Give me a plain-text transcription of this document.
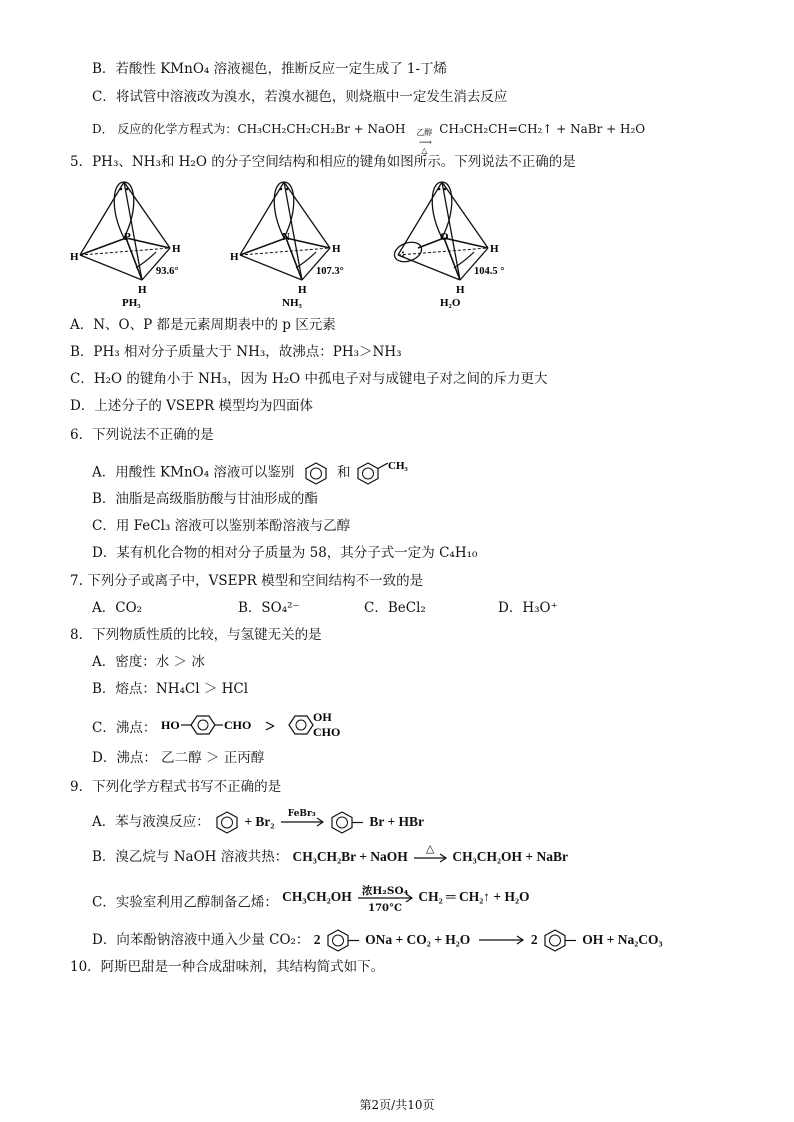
B．若酸性 KMnO₄ 溶液褪色，推断反应一定生成了 1-丁烯
C．将试管中溶液改为溴水，若溴水褪色，则烧瓶中一定发生消去反应
D． 反应的化学方程式为：CH₃CH₂CH₂CH₂Br + NaOH	乙醇
⟶
△
CH₃CH₂CH=CH₂↑ + NaBr + H₂O
5．PH₃、NH₃和 H₂O 的分子空间结构和相应的键角如图所示。下列说法不正确的是
P
H
H
H
93.6°
PH₃
N
H
H
H
107.3°
NH₃
O
:	H
H
104.5 °
H₂O
A．N、O、P 都是元素周期表中的 p 区元素
B．PH₃ 相对分子质量大于 NH₃，故沸点：PH₃＞NH₃
C．H₂O 的键角小于 NH₃，因为 H₂O 中孤电子对与成键电子对之间的斥力更大
D．上述分子的 VSEPR 模型均为四面体
6．下列说法不正确的是
A．用酸性 KMnO₄ 溶液可以鉴别	和	CH₃
B．油脂是高级脂肪酸与甘油形成的酯
C．用 FeCl₃ 溶液可以鉴别苯酚溶液与乙醇
D．某有机化合物的相对分子质量为 58，其分子式一定为 C₄H₁₀
7. 下列分子或离子中，VSEPR 模型和空间结构不一致的是
A．CO₂	B．SO₄²⁻	C．BeCl₂	D．H₃O⁺
8．下列物质性质的比较，与氢键无关的是
A．密度：水 ＞ 冰
B．熔点：NH₄Cl ＞ HCl
C．沸点： HO	CHO >	OH
CHO
D．沸点： 乙二醇 ＞ 正丙醇
9．下列化学方程式书写不正确的是
A．苯与液溴反应：	+ Br₂	FeBr₃	Br + HBr
B．溴乙烷与 NaOH 溶液共热： CH₃CH₂Br + NaOH
△
CH₃CH₂OH + NaBr
C．实验室利用乙醇制备乙烯： CH₃CH₂OH 浓H₂SO₄
170°C
CH₂ ═ CH₂↑ + H₂O
D．向苯酚钠溶液中通入少量 CO₂： 2	ONa + CO₂ + H₂O	2	OH + Na₂CO₃
10．阿斯巴甜是一种合成甜味剂，其结构简式如下。
第2页/共10页
